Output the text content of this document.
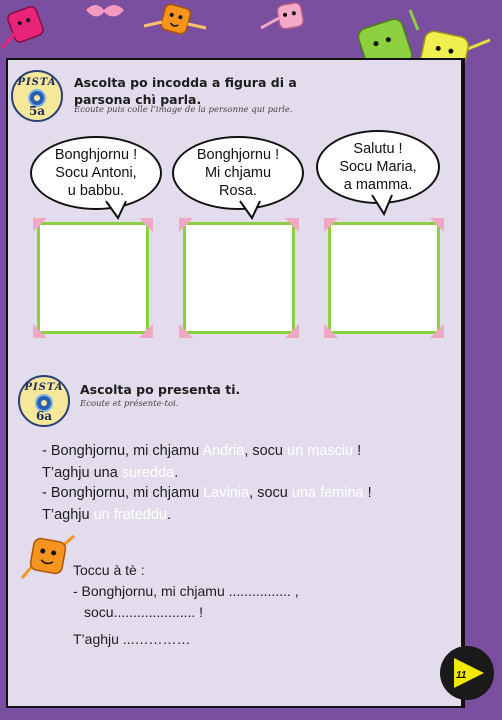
PISTA
5a
Ascolta po incodda a figura di a
parsona chì parla.
Ecoute puis colle l’image de la personne qui parle.
Bonghjornu !
Socu Antoni,
u babbu.
Bonghjornu !
Mi chjamu
Rosa.
Salutu !
Socu Maria,
a mamma.
PISTA
6a
Ascolta po presenta ti.
Ecoute et présente-toi.
- Bonghjornu, mi chjamu Andria, socu un masciu !
T’aghju una suredda.
- Bonghjornu, mi chjamu Lavinia, socu una femina !
T’aghju un frateddu.
Toccu à tè :
- Bonghjornu, mi chjamu ................ ,
socu..................... !
T’aghju ...…………
11
